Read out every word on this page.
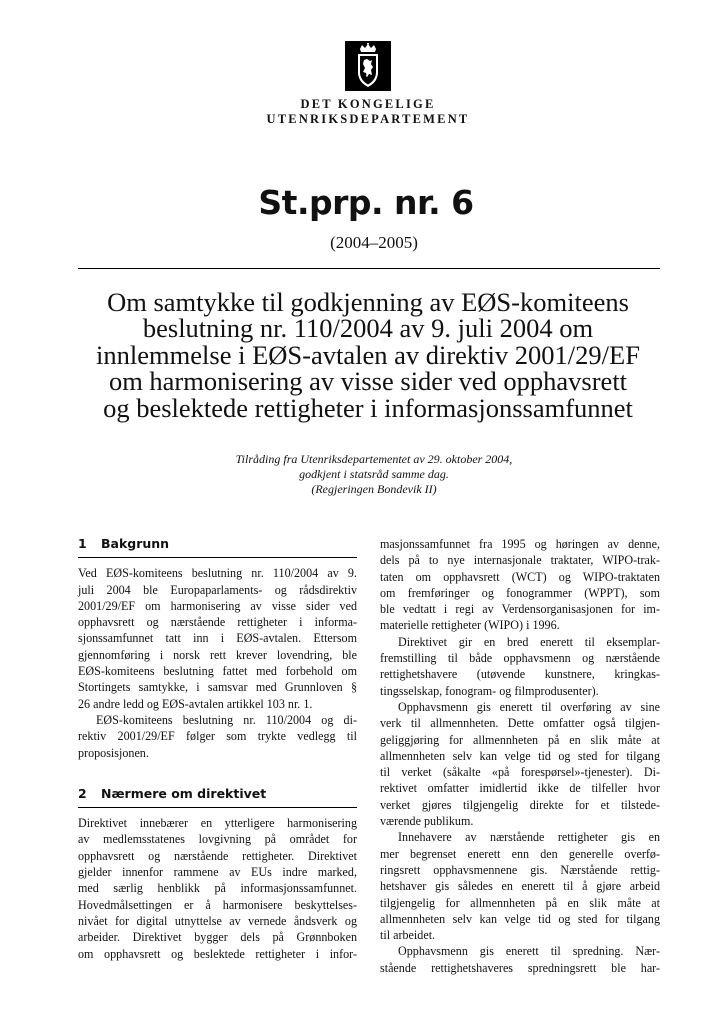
DET KONGELIGE
UTENRIKSDEPARTEMENT
St.prp. nr. 6
(2004–2005)
Om samtykke til godkjenning av EØS-komiteens
beslutning nr. 110/2004 av 9. juli 2004 om
innlemmelse i EØS-avtalen av direktiv 2001/29/EF
om harmonisering av visse sider ved opphavsrett
og beslektede rettigheter i informasjonssamfunnet
Tilråding fra Utenriksdepartementet av 29. oktober 2004,
godkjent i statsråd samme dag.
(Regjeringen Bondevik II)
1 Bakgrunn
Ved EØS-komiteens beslutning nr. 110/2004 av 9.
juli 2004 ble Europaparlaments- og rådsdirektiv
2001/29/EF om harmonisering av visse sider ved
opphavsrett og nærstående rettigheter i informa-
sjonssamfunnet tatt inn i EØS-avtalen. Ettersom
gjennomføring i norsk rett krever lovendring, ble
EØS-komiteens beslutning fattet med forbehold om
Stortingets samtykke, i samsvar med Grunnloven §
26 andre ledd og EØS-avtalen artikkel 103 nr. 1.
EØS-komiteens beslutning nr. 110/2004 og di-
rektiv 2001/29/EF følger som trykte vedlegg til
proposisjonen.
2 Nærmere om direktivet
Direktivet innebærer en ytterligere harmonisering
av medlemsstatenes lovgivning på området for
opphavsrett og nærstående rettigheter. Direktivet
gjelder innenfor rammene av EUs indre marked,
med særlig henblikk på informasjonssamfunnet.
Hovedmålsettingen er å harmonisere beskyttelses-
nivået for digital utnyttelse av vernede åndsverk og
arbeider. Direktivet bygger dels på Grønnboken
om opphavsrett og beslektede rettigheter i infor-
masjonssamfunnet fra 1995 og høringen av denne,
dels på to nye internasjonale traktater, WIPO-trak-
taten om opphavsrett (WCT) og WIPO-traktaten
om fremføringer og fonogrammer (WPPT), som
ble vedtatt i regi av Verdensorganisasjonen for im-
materielle rettigheter (WIPO) i 1996.
Direktivet gir en bred enerett til eksemplar-
fremstilling til både opphavsmenn og nærstående
rettighetshavere (utøvende kunstnere, kringkas-
tingsselskap, fonogram- og filmprodusenter).
Opphavsmenn gis enerett til overføring av sine
verk til allmennheten. Dette omfatter også tilgjen-
geliggjøring for allmennheten på en slik måte at
allmennheten selv kan velge tid og sted for tilgang
til verket (såkalte «på forespørsel»-tjenester). Di-
rektivet omfatter imidlertid ikke de tilfeller hvor
verket gjøres tilgjengelig direkte for et tilstede-
værende publikum.
Innehavere av nærstående rettigheter gis en
mer begrenset enerett enn den generelle overfø-
ringsrett opphavsmennene gis. Nærstående rettig-
hetshaver gis således en enerett til å gjøre arbeid
tilgjengelig for allmennheten på en slik måte at
allmennheten selv kan velge tid og sted for tilgang
til arbeidet.
Opphavsmenn gis enerett til spredning. Nær-
stående rettighetshaveres spredningsrett ble har-
